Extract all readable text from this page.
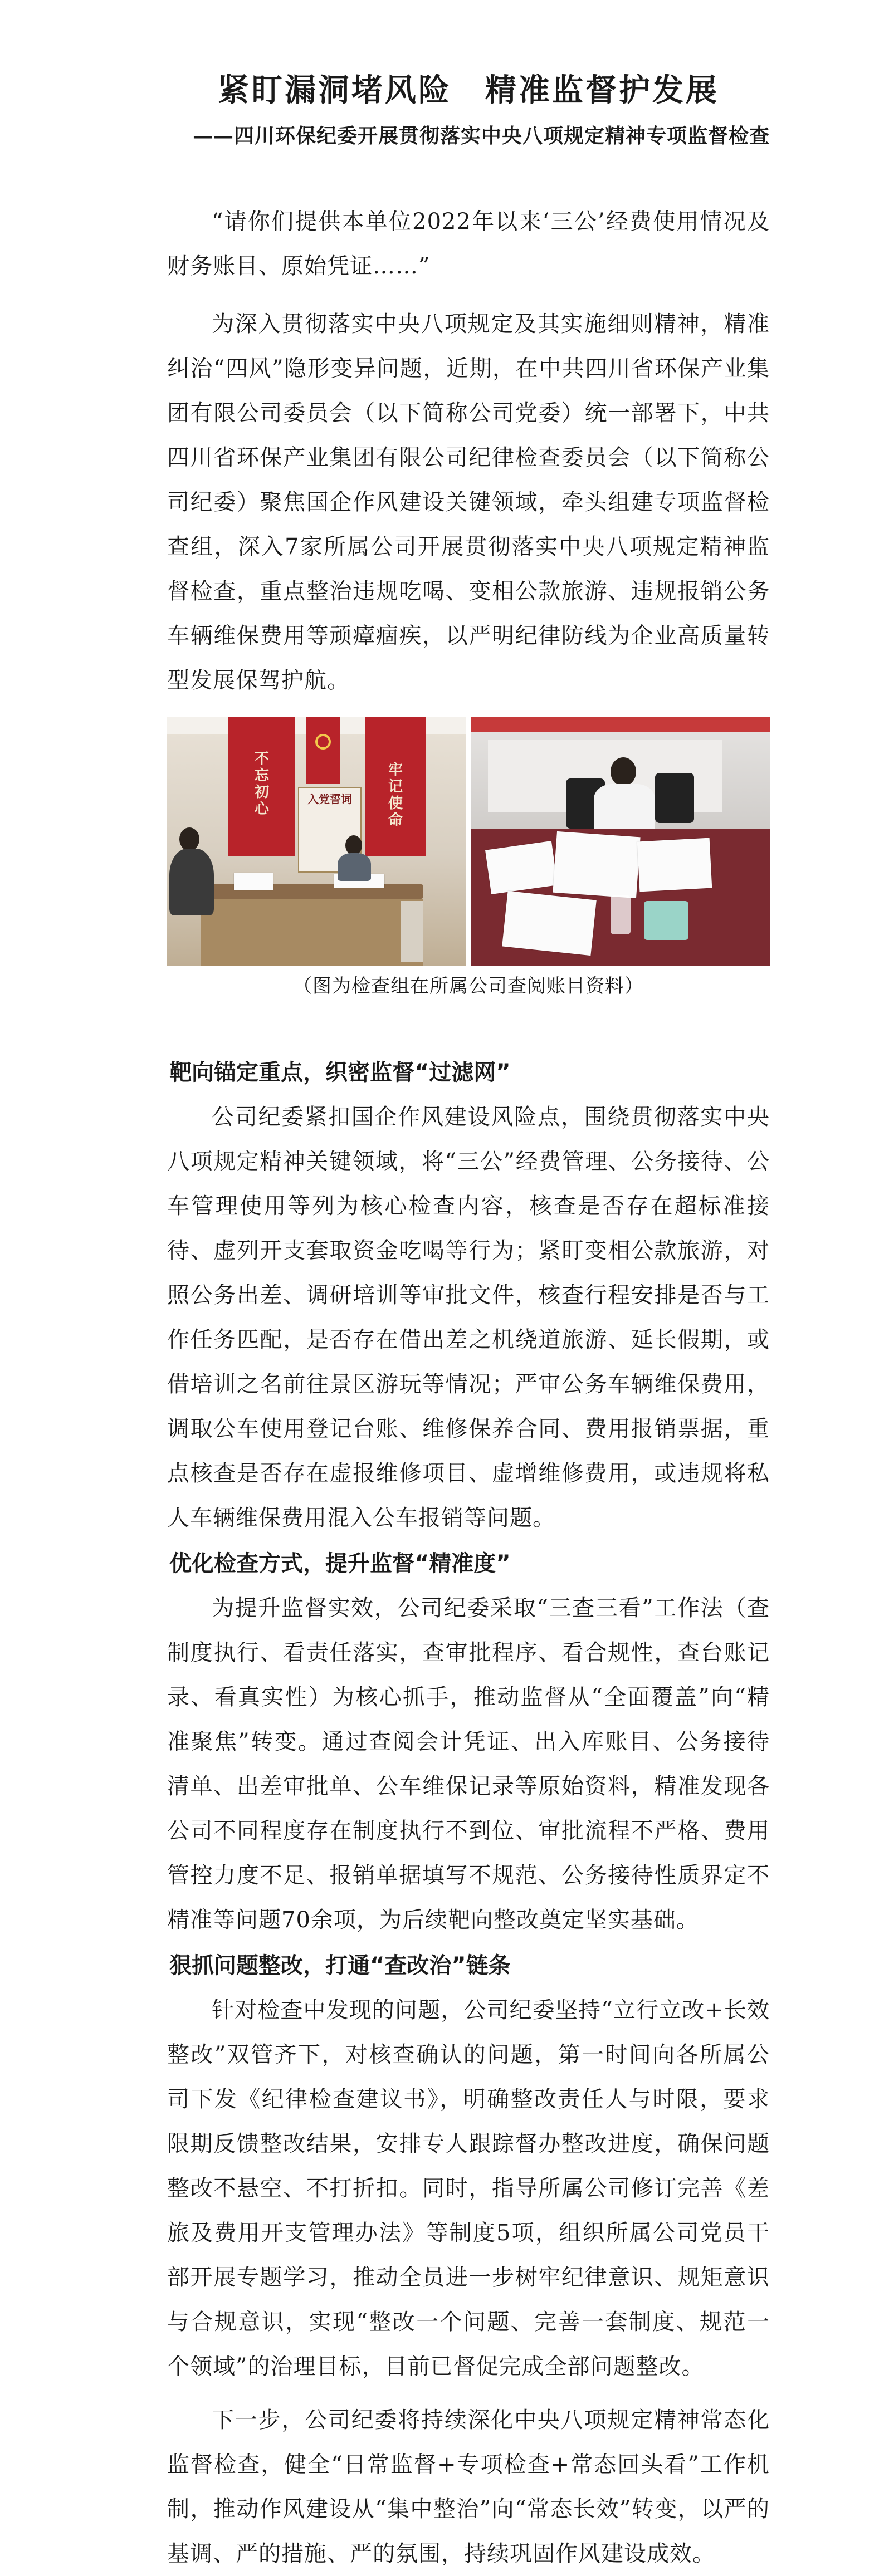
紧盯漏洞堵风险 精准监督护发展

——四川环保纪委开展贯彻落实中央八项规定精神专项监督检查

“请你们提供本单位2022年以来‘三公’经费使用情况及财务账目、原始凭证……”

为深入贯彻落实中央八项规定及其实施细则精神，精准纠治“四风”隐形变异问题，近期，在中共四川省环保产业集团有限公司委员会（以下简称公司党委）统一部署下，中共四川省环保产业集团有限公司纪律检查委员会（以下简称公司纪委）聚焦国企作风建设关键领域，牵头组建专项监督检查组，深入7家所属公司开展贯彻落实中央八项规定精神监督检查，重点整治违规吃喝、变相公款旅游、违规报销公务车辆维保费用等顽瘴痼疾，以严明纪律防线为企业高质量转型发展保驾护航。

不忘初心
入党誓词
牢记使命

（图为检查组在所属公司查阅账目资料）

靶向锚定重点，织密监督“过滤网”

公司纪委紧扣国企作风建设风险点，围绕贯彻落实中央八项规定精神关键领域，将“三公”经费管理、公务接待、公车管理使用等列为核心检查内容，核查是否存在超标准接待、虚列开支套取资金吃喝等行为；紧盯变相公款旅游，对照公务出差、调研培训等审批文件，核查行程安排是否与工作任务匹配，是否存在借出差之机绕道旅游、延长假期，或借培训之名前往景区游玩等情况；严审公务车辆维保费用，调取公车使用登记台账、维修保养合同、费用报销票据，重点核查是否存在虚报维修项目、虚增维修费用，或违规将私人车辆维保费用混入公车报销等问题。

优化检查方式，提升监督“精准度”

为提升监督实效，公司纪委采取“三查三看”工作法（查制度执行、看责任落实，查审批程序、看合规性，查台账记录、看真实性）为核心抓手，推动监督从“全面覆盖”向“精准聚焦”转变。通过查阅会计凭证、出入库账目、公务接待清单、出差审批单、公车维保记录等原始资料，精准发现各公司不同程度存在制度执行不到位、审批流程不严格、费用管控力度不足、报销单据填写不规范、公务接待性质界定不精准等问题70余项，为后续靶向整改奠定坚实基础。

狠抓问题整改，打通“查改治”链条

针对检查中发现的问题，公司纪委坚持“立行立改+长效整改”双管齐下，对核查确认的问题，第一时间向各所属公司下发《纪律检查建议书》，明确整改责任人与时限，要求限期反馈整改结果，安排专人跟踪督办整改进度，确保问题整改不悬空、不打折扣。同时，指导所属公司修订完善《差旅及费用开支管理办法》等制度5项，组织所属公司党员干部开展专题学习，推动全员进一步树牢纪律意识、规矩意识与合规意识，实现“整改一个问题、完善一套制度、规范一个领域”的治理目标，目前已督促完成全部问题整改。

下一步，公司纪委将持续深化中央八项规定精神常态化监督检查，健全“日常监督+专项检查+常态回头看”工作机制，推动作风建设从“集中整治”向“常态长效”转变，以严的基调、严的措施、严的氛围，持续巩固作风建设成效。
